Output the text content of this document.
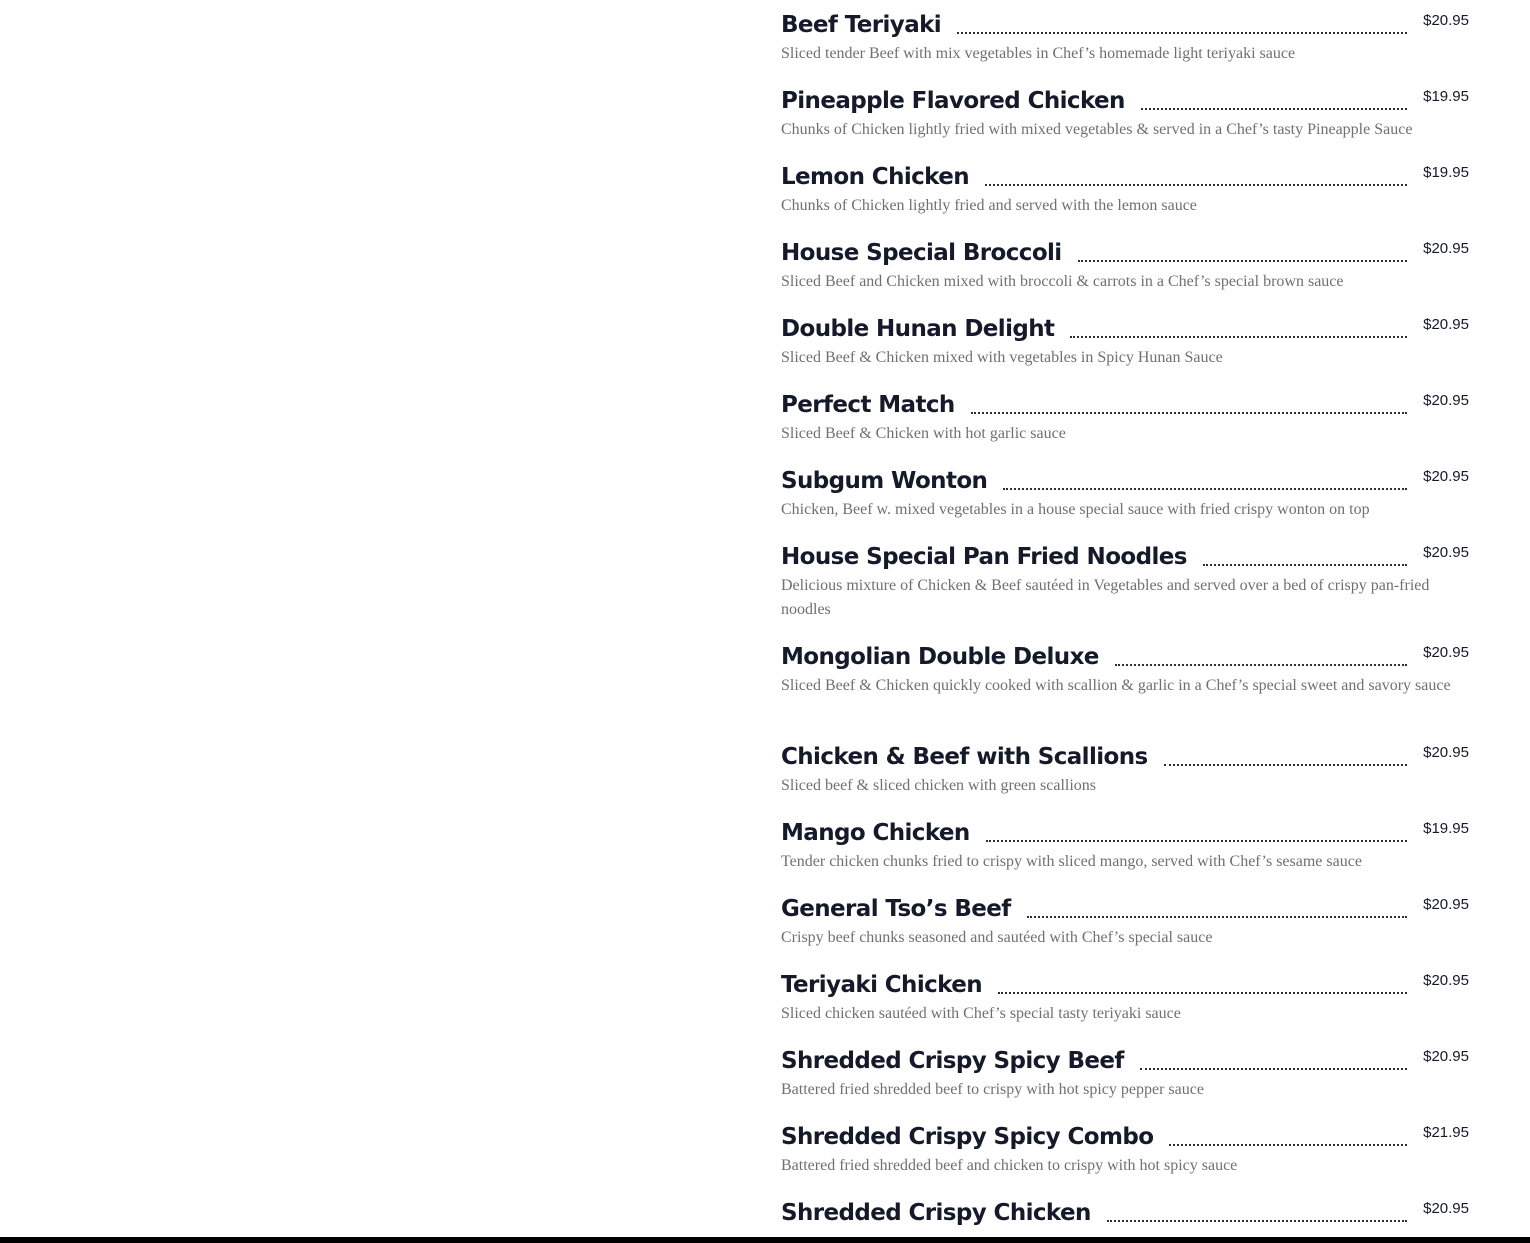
Beef Teriyaki	$20.95
Sliced tender Beef with mix vegetables in Chef’s homemade light teriyaki sauce
Pineapple Flavored Chicken	$19.95
Chunks of Chicken lightly fried with mixed vegetables & served in a Chef’s tasty Pineapple Sauce
Lemon Chicken	$19.95
Chunks of Chicken lightly fried and served with the lemon sauce
House Special Broccoli	$20.95
Sliced Beef and Chicken mixed with broccoli & carrots in a Chef’s special brown sauce
Double Hunan Delight	$20.95
Sliced Beef & Chicken mixed with vegetables in Spicy Hunan Sauce
Perfect Match	$20.95
Sliced Beef & Chicken with hot garlic sauce
Subgum Wonton	$20.95
Chicken, Beef w. mixed vegetables in a house special sauce with fried crispy wonton on top
House Special Pan Fried Noodles	$20.95
Delicious mixture of Chicken & Beef sautéed in Vegetables and served over a bed of crispy pan-fried noodles
Mongolian Double Deluxe	$20.95
Sliced Beef & Chicken quickly cooked with scallion & garlic in a Chef’s special sweet and savory sauce
Chicken & Beef with Scallions	$20.95
Sliced beef & sliced chicken with green scallions
Mango Chicken	$19.95
Tender chicken chunks fried to crispy with sliced mango, served with Chef’s sesame sauce
General Tso’s Beef	$20.95
Crispy beef chunks seasoned and sautéed with Chef’s special sauce
Teriyaki Chicken	$20.95
Sliced chicken sautéed with Chef’s special tasty teriyaki sauce
Shredded Crispy Spicy Beef	$20.95
Battered fried shredded beef to crispy with hot spicy pepper sauce
Shredded Crispy Spicy Combo	$21.95
Battered fried shredded beef and chicken to crispy with hot spicy sauce
Shredded Crispy Chicken	$20.95
